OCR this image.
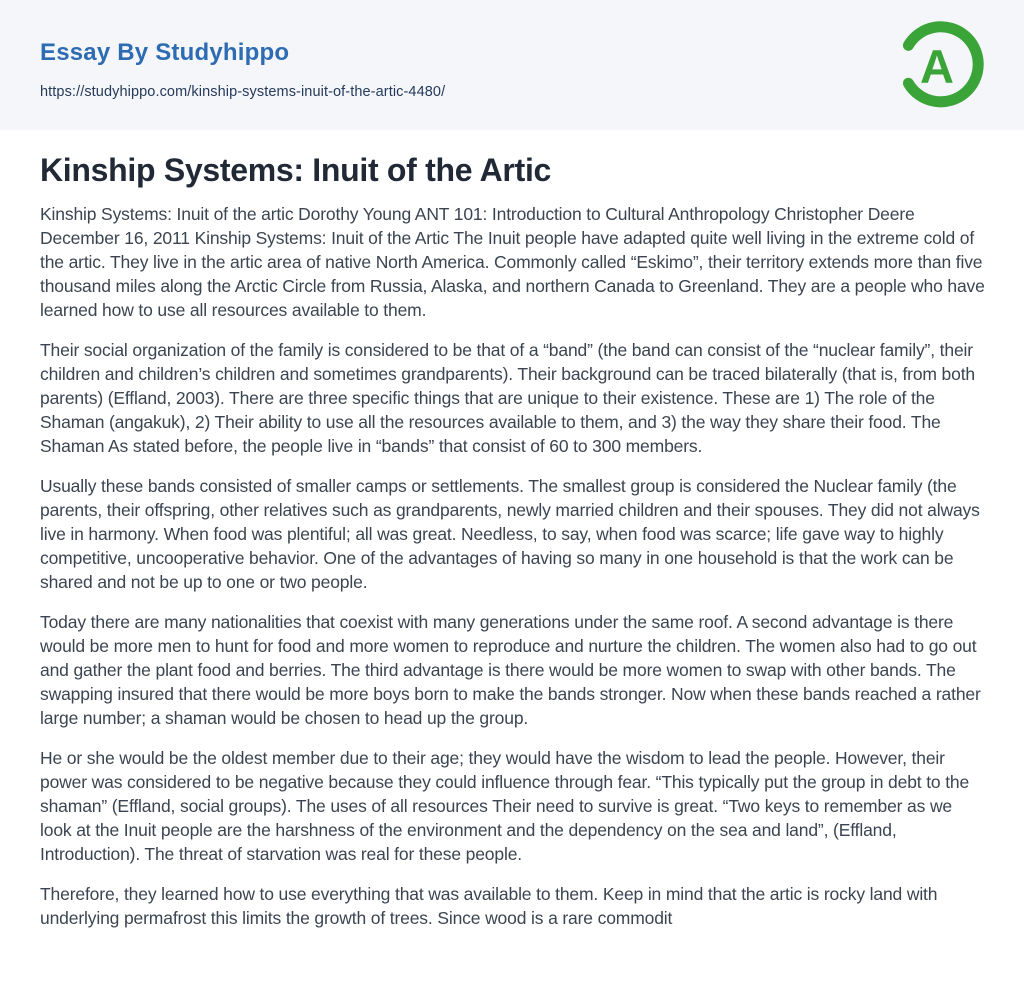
Essay By Studyhippo
https://studyhippo.com/kinship-systems-inuit-of-the-artic-4480/	A
Kinship Systems: Inuit of the Artic

Kinship Systems: Inuit of the artic Dorothy Young ANT 101: Introduction to Cultural Anthropology Christopher Deere December 16, 2011 Kinship Systems: Inuit of the Artic The Inuit people have adapted quite well living in the extreme cold of the artic. They live in the artic area of native North America. Commonly called “Eskimo”, their territory extends more than five thousand miles along the Arctic Circle from Russia, Alaska, and northern Canada to Greenland. They are a people who have learned how to use all resources available to them.

Their social organization of the family is considered to be that of a “band” (the band can consist of the “nuclear family”, their children and children’s children and sometimes grandparents). Their background can be traced bilaterally (that is, from both parents) (Effland, 2003). There are three specific things that are unique to their existence. These are 1) The role of the Shaman (angakuk), 2) Their ability to use all the resources available to them, and 3) the way they share their food. The Shaman As stated before, the people live in “bands” that consist of 60 to 300 members.

Usually these bands consisted of smaller camps or settlements. The smallest group is considered the Nuclear family (the parents, their offspring, other relatives such as grandparents, newly married children and their spouses. They did not always live in harmony. When food was plentiful; all was great. Needless, to say, when food was scarce; life gave way to highly competitive, uncooperative behavior. One of the advantages of having so many in one household is that the work can be shared and not be up to one or two people.

Today there are many nationalities that coexist with many generations under the same roof. A second advantage is there would be more men to hunt for food and more women to reproduce and nurture the children. The women also had to go out and gather the plant food and berries. The third advantage is there would be more women to swap with other bands. The swapping insured that there would be more boys born to make the bands stronger. Now when these bands reached a rather large number; a shaman would be chosen to head up the group.

He or she would be the oldest member due to their age; they would have the wisdom to lead the people. However, their power was considered to be negative because they could influence through fear. “This typically put the group in debt to the shaman” (Effland, social groups). The uses of all resources Their need to survive is great. “Two keys to remember as we look at the Inuit people are the harshness of the environment and the dependency on the sea and land”, (Effland, Introduction). The threat of starvation was real for these people.

Therefore, they learned how to use everything that was available to them. Keep in mind that the artic is rocky land with underlying permafrost this limits the growth of trees. Since wood is a rare commodit
